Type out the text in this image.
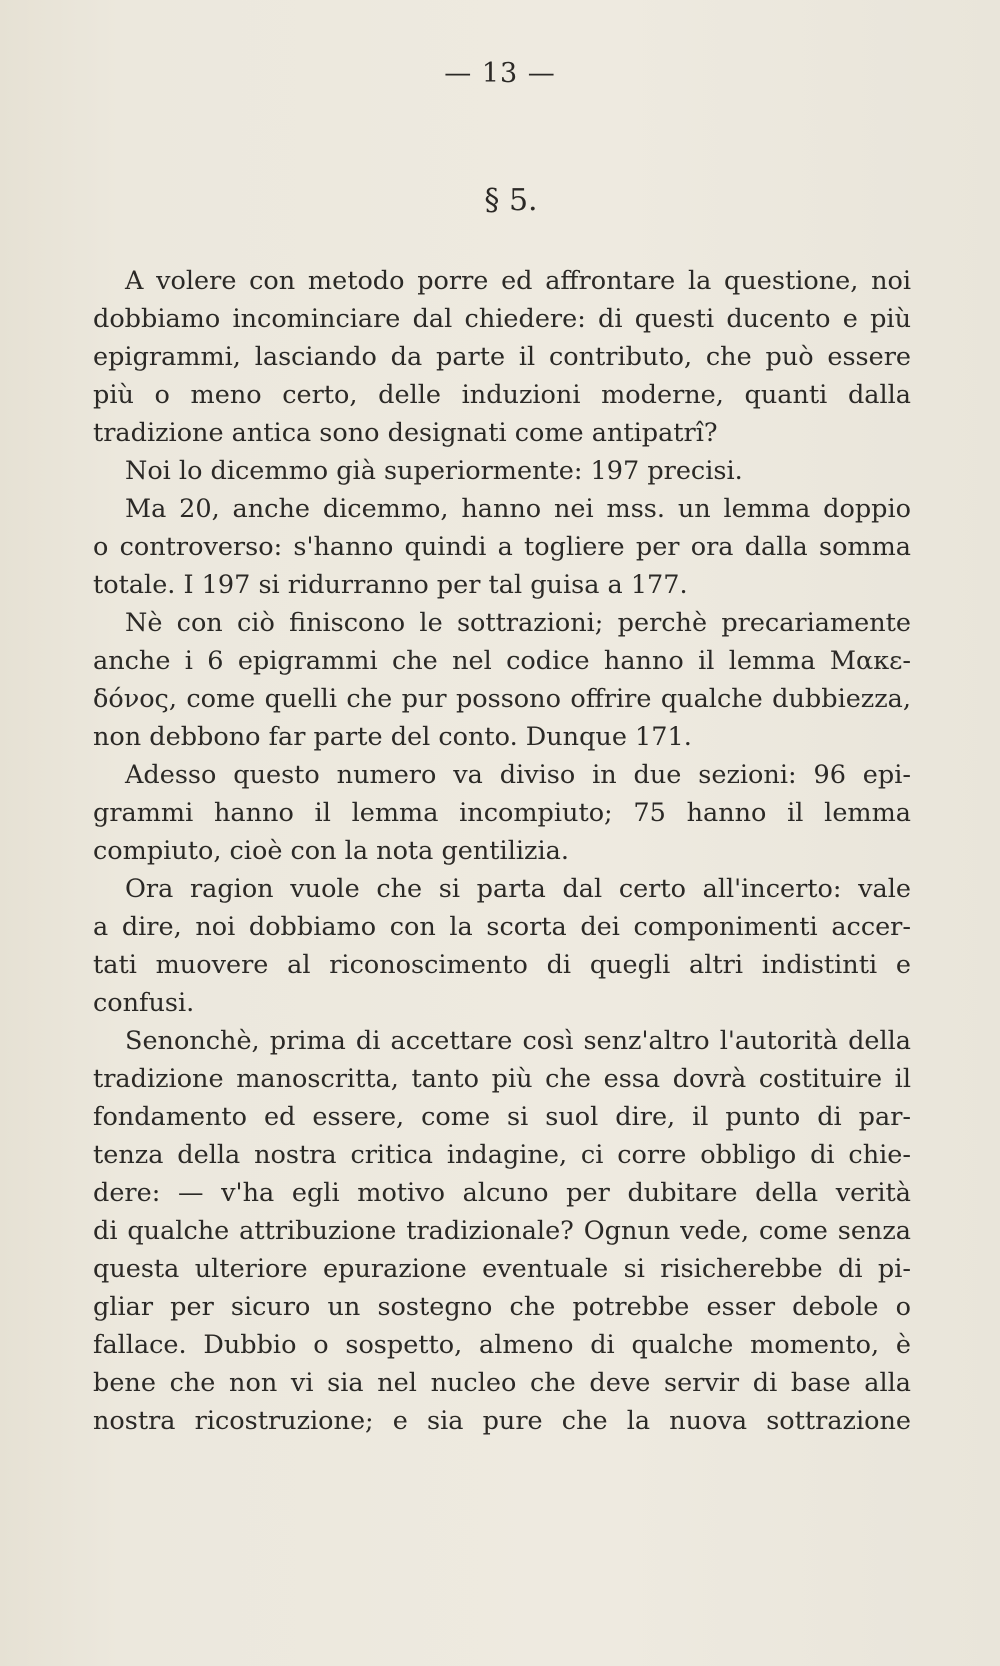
— 13 —
§ 5.
A volere con metodo porre ed affrontare la questione, noi
dobbiamo incominciare dal chiedere: di questi ducento e più
epigrammi, lasciando da parte il contributo, che può essere
più o meno certo, delle induzioni moderne, quanti dalla
tradizione antica sono designati come antipatrî?
Noi lo dicemmo già superiormente: 197 precisi.
Ma 20, anche dicemmo, hanno nei mss. un lemma doppio
o controverso: s'hanno quindi a togliere per ora dalla somma
totale. I 197 si ridurranno per tal guisa a 177.
Nè con ciò finiscono le sottrazioni; perchè precariamente
anche i 6 epigrammi che nel codice hanno il lemma Μακε-
δόνος, come quelli che pur possono offrire qualche dubbiezza,
non debbono far parte del conto. Dunque 171.
Adesso questo numero va diviso in due sezioni: 96 epi-
grammi hanno il lemma incompiuto; 75 hanno il lemma
compiuto, cioè con la nota gentilizia.
Ora ragion vuole che si parta dal certo all'incerto: vale
a dire, noi dobbiamo con la scorta dei componimenti accer-
tati muovere al riconoscimento di quegli altri indistinti e
confusi.
Senonchè, prima di accettare così senz'altro l'autorità della
tradizione manoscritta, tanto più che essa dovrà costituire il
fondamento ed essere, come si suol dire, il punto di par-
tenza della nostra critica indagine, ci corre obbligo di chie-
dere: — v'ha egli motivo alcuno per dubitare della verità
di qualche attribuzione tradizionale? Ognun vede, come senza
questa ulteriore epurazione eventuale si risicherebbe di pi-
gliar per sicuro un sostegno che potrebbe esser debole o
fallace. Dubbio o sospetto, almeno di qualche momento, è
bene che non vi sia nel nucleo che deve servir di base alla
nostra ricostruzione; e sia pure che la nuova sottrazione
